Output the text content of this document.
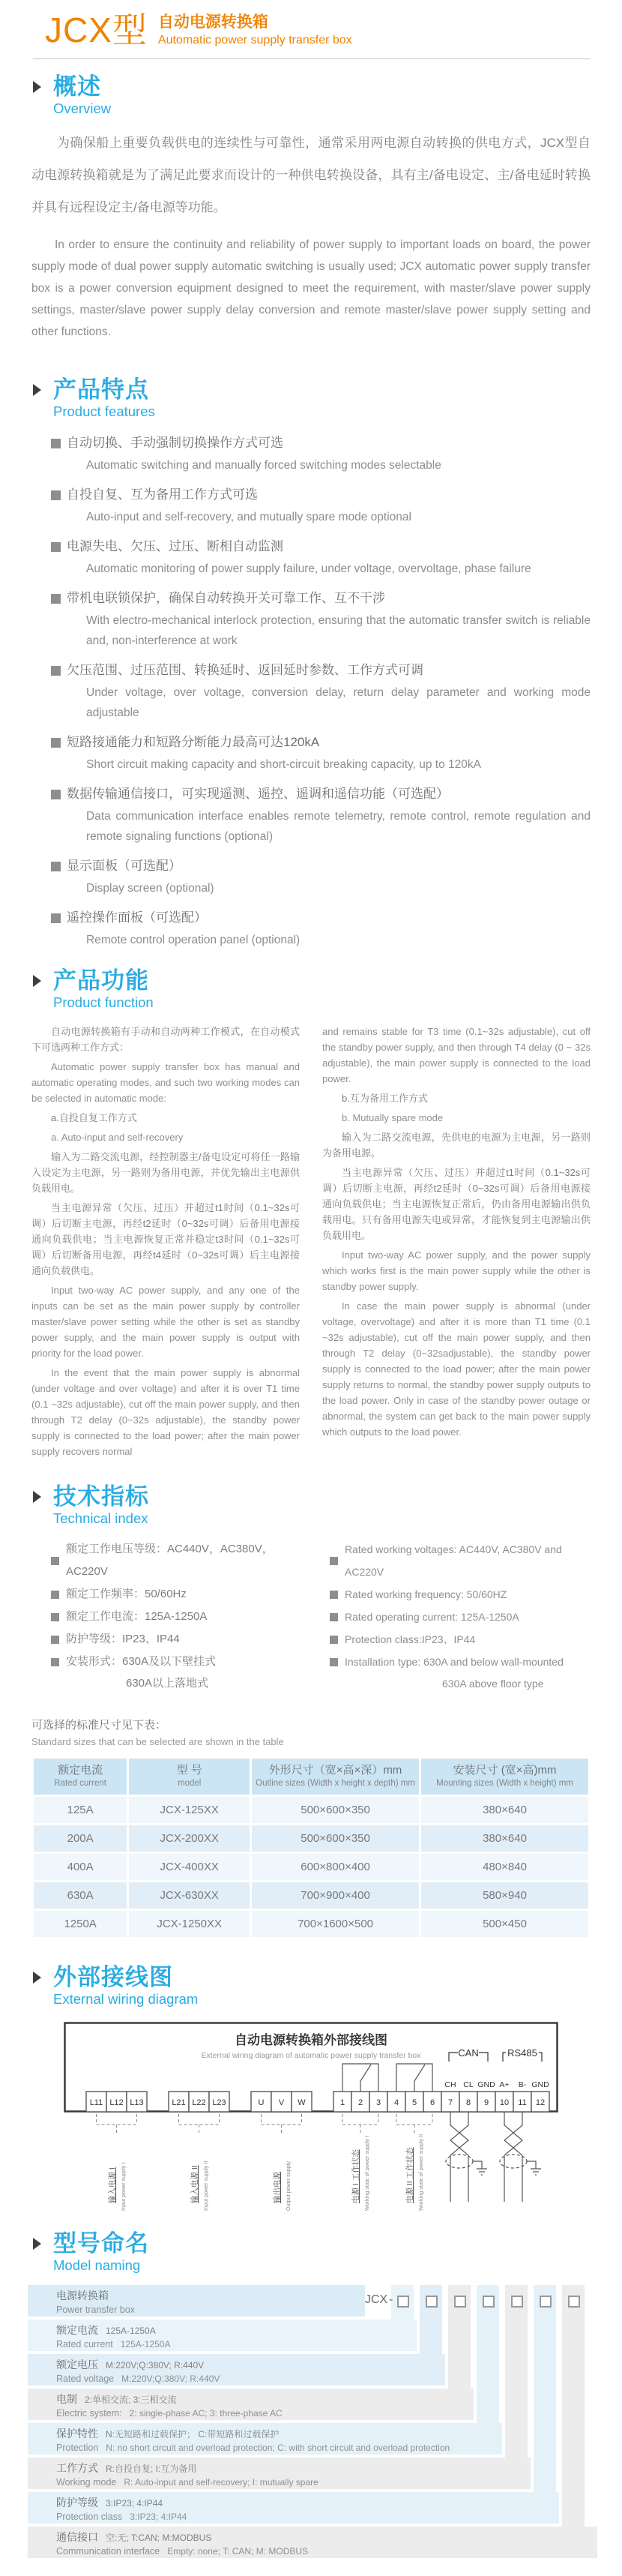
JCX型 自动电源转换箱
Automatic power supply transfer box
概述
Overview

为确保船上重要负载供电的连续性与可靠性，通常采用两电源自动转换的供电方式，JCX型自动电源转换箱就是为了满足此要求而设计的一种供电转换设备，具有主/备电设定、主/备电延时转换并具有远程设定主/备电源等功能。

In order to ensure the continuity and reliability of power supply to important loads on board, the power supply mode of dual power supply automatic switching is usually used; JCX automatic power supply transfer box is a power conversion equipment designed to meet the requirement, with master/slave power supply settings, master/slave power supply delay conversion and remote master/slave power supply setting and other functions.

产品特点
Product features
自动切换、手动强制切换操作方式可选
Automatic switching and manually forced switching modes selectable
自投自复、互为备用工作方式可选
Auto-input and self-recovery, and mutually spare mode optional
电源失电、欠压、过压、断相自动监测
Automatic monitoring of power supply failure, under voltage, overvoltage, phase failure
带机电联锁保护，确保自动转换开关可靠工作、互不干涉
With electro-mechanical interlock protection, ensuring that the automatic transfer switch is reliable and, non-interference at work
欠压范围、过压范围、转换延时、返回延时参数、工作方式可调
Under voltage, over voltage, conversion delay, return delay parameter and working mode adjustable
短路接通能力和短路分断能力最高可达120kA
Short circuit making capacity and short-circuit breaking capacity, up to 120kA
数据传输通信接口，可实现遥测、遥控、遥调和遥信功能（可选配）
Data communication interface enables remote telemetry, remote control, remote regulation and remote signaling functions (optional)
显示面板（可选配）
Display screen (optional)
遥控操作面板（可选配）
Remote control operation panel (optional)
产品功能
Product function

自动电源转换箱有手动和自动两种工作模式，在自动模式下可选两种工作方式：

Automatic power supply transfer box has manual and automatic operating modes, and such two working modes can be selected in automatic mode:

a.自投自复工作方式

a. Auto-input and self-recovery

输入为二路交流电源，经控制器主/备电设定可将任一路输入设定为主电源，另一路则为备用电源，并优先输出主电源供负载用电。

当主电源异常（欠压、过压）并超过t1时间（0.1~32s可调）后切断主电源，再经t2延时（0~32s可调）后备用电源接通向负载供电；当主电源恢复正常并稳定t3时间（0.1~32s可调）后切断备用电源，再经t4延时（0~32s可调）后主电源接通向负载供电。

Input two-way AC power supply, and any one of the inputs can be set as the main power supply by controller master/slave power setting while the other is set as standby power supply, and the main power supply is output with priority for the load power.

In the event that the main power supply is abnormal (under voltage and over voltage) and after it is over T1 time (0.1 ~32s adjustable), cut off the main power supply, and then through T2 delay (0~32s adjustable), the standby power supply is connected to the load power; after the main power supply recovers normal

and remains stable for T3 time (0.1~32s adjustable), cut off the standby power supply, and then through T4 delay (0 ~ 32s adjustable), the main power supply is connected to the load power.

b.互为备用工作方式

b. Mutually spare mode

输入为二路交流电源，先供电的电源为主电源，另一路则为备用电源。

当主电源异常（欠压、过压）并超过t1时间（0.1~32s可调）后切断主电源，再经t2延时（0~32s可调）后备用电源接通向负载供电；当主电源恢复正常后，仍由备用电源输出供负载用电。只有备用电源失电或异常，才能恢复到主电源输出供负载用电。

Input two-way AC power supply, and the power supply which works first is the main power supply while the other is standby power supply.

In case the main power supply is abnormal (under voltage, overvoltage) and after it is more than T1 time (0.1 ~32s adjustable), cut off the main power supply, and then through T2 delay (0~32sadjustable), the standby power supply is connected to the load power; after the main power supply returns to normal, the standby power supply outputs to the load power. Only in case of the standby power outage or abnormal, the system can get back to the main power supply which outputs to the load power.

技术指标
Technical index
额定工作电压等级：AC440V，AC380V，AC220V
额定工作频率：50/60Hz
额定工作电流：125A-1250A
防护等级：IP23、IP44
安装形式：630A及以下壁挂式
630A以上落地式
Rated working voltages: AC440V, AC380V and AC220V
Rated working frequency: 50/60HZ
Rated operating current: 125A-1250A
Protection class:IP23、IP44
Installation type: 630A and below wall-mounted
630A above floor type
可选择的标准尺寸见下表：
Standard sizes that can be selected are shown in the table
额定电流
Rated current

型 号
model

外形尺寸（宽×高×深）mm
Outline sizes (Width x height x depth) mm

安装尺寸 (宽×高)mm
Mounting sizes (Width x height) mm

125A	JCX-125XX	500×600×350	380×640
200A	JCX-200XX	500×600×350	380×640
400A	JCX-400XX	600×800×400	480×840
630A	JCX-630XX	700×900×400	580×940
1250A	JCX-1250XX	700×1600×500	500×450
外部接线图
External wiring diagram
自动电源转换箱外部接线图
External wiring diagram of automatic power supply transfer box	CAN	RS485
CH CL GND A+ B- GND
L11 L12 L13	L21 L22 L23	U V W	1 2 3 4 5 6 7 8 9 10 11 12
输入电源 I Input power supply I	输入电源 II Input power supply II	输出电源 Output power supply	电源 I 工作状态 Working state of power supply I	电源 II 工作状态 Working state of power supply II
型号命名
Model naming
电源转换箱
Power transfer box
额定电流 125A-1250A
Rated current 125A-1250A
额定电压 M:220V;Q:380V; R:440V
Rated voltage M:220V;Q:380V; R:440V
电制 2:单相交流; 3:三相交流
Electric system: 2: single-phase AC; 3: three-phase AC
保护特性 N:无短路和过载保护； C:带短路和过载保护
Protection N: no short circuit and overload protection; C: with short circuit and overload protection
工作方式 R:自投自复; I:互为备用
Working mode R: Auto-input and self-recovery; I: mutually spare
防护等级 3:IP23; 4:IP44
Protection class 3:IP23; 4:IP44
通信接口 空:无; T:CAN; M:MODBUS
Communication interface Empty: none; T: CAN; M: MODBUS
JCX -
